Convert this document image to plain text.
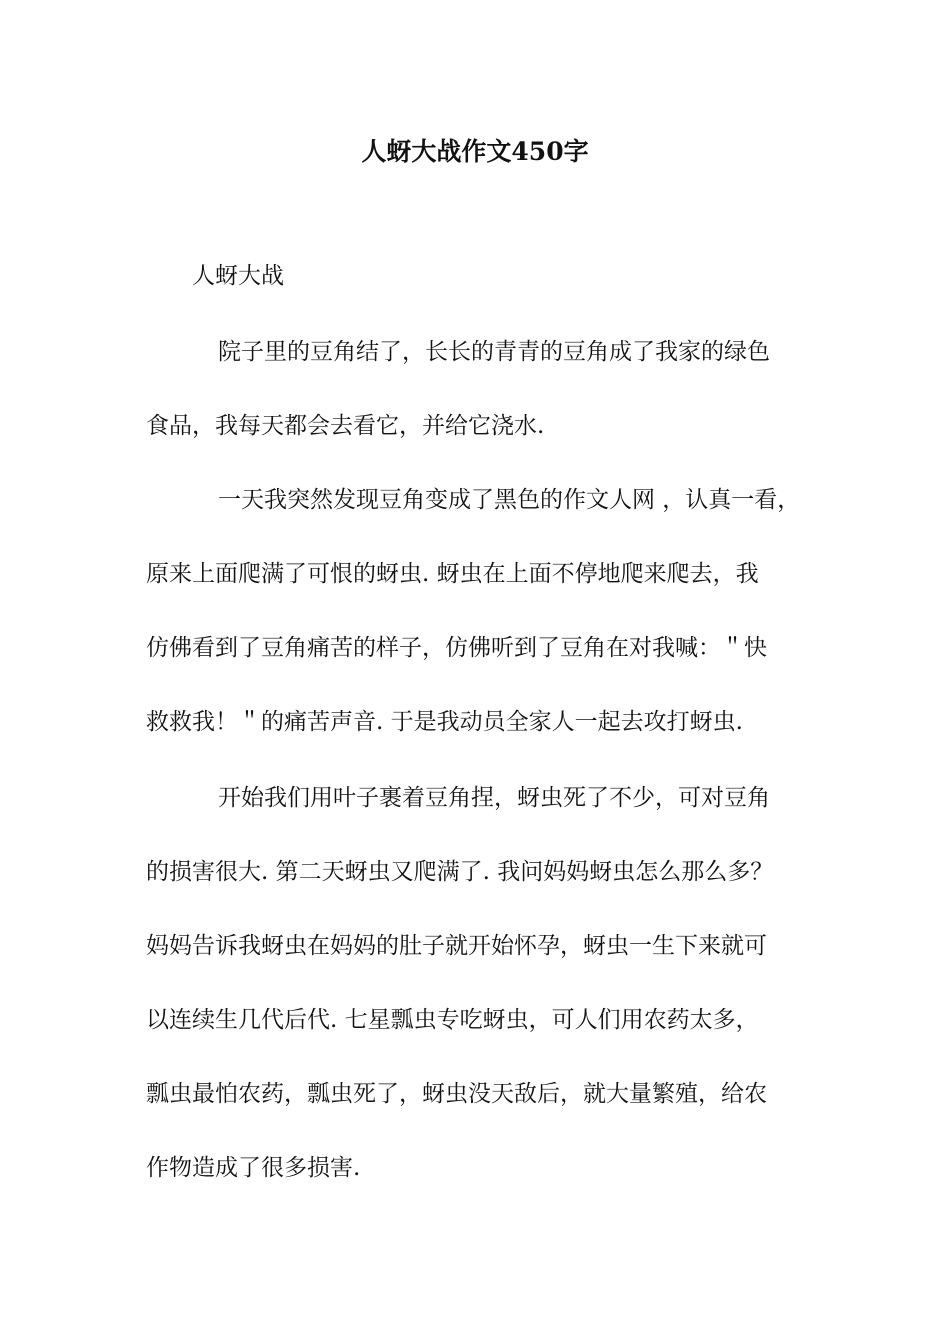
人蚜大战作文450字

人蚜大战

院子里的豆角结了，长长的青青的豆角成了我家的绿色

食品，我每天都会去看它，并给它浇水.

一天我突然发现豆角变成了黑色的作文人网 ，认真一看，

原来上面爬满了可恨的蚜虫. 蚜虫在上面不停地爬来爬去，我

仿佛看到了豆角痛苦的样子，仿佛听到了豆角在对我喊：＂快

救救我！＂的痛苦声音. 于是我动员全家人一起去攻打蚜虫.

开始我们用叶子裹着豆角捏，蚜虫死了不少，可对豆角

的损害很大. 第二天蚜虫又爬满了. 我问妈妈蚜虫怎么那么多？

妈妈告诉我蚜虫在妈妈的肚子就开始怀孕，蚜虫一生下来就可

以连续生几代后代. 七星瓢虫专吃蚜虫，可人们用农药太多，

瓢虫最怕农药，瓢虫死了，蚜虫没天敌后，就大量繁殖，给农

作物造成了很多损害.
